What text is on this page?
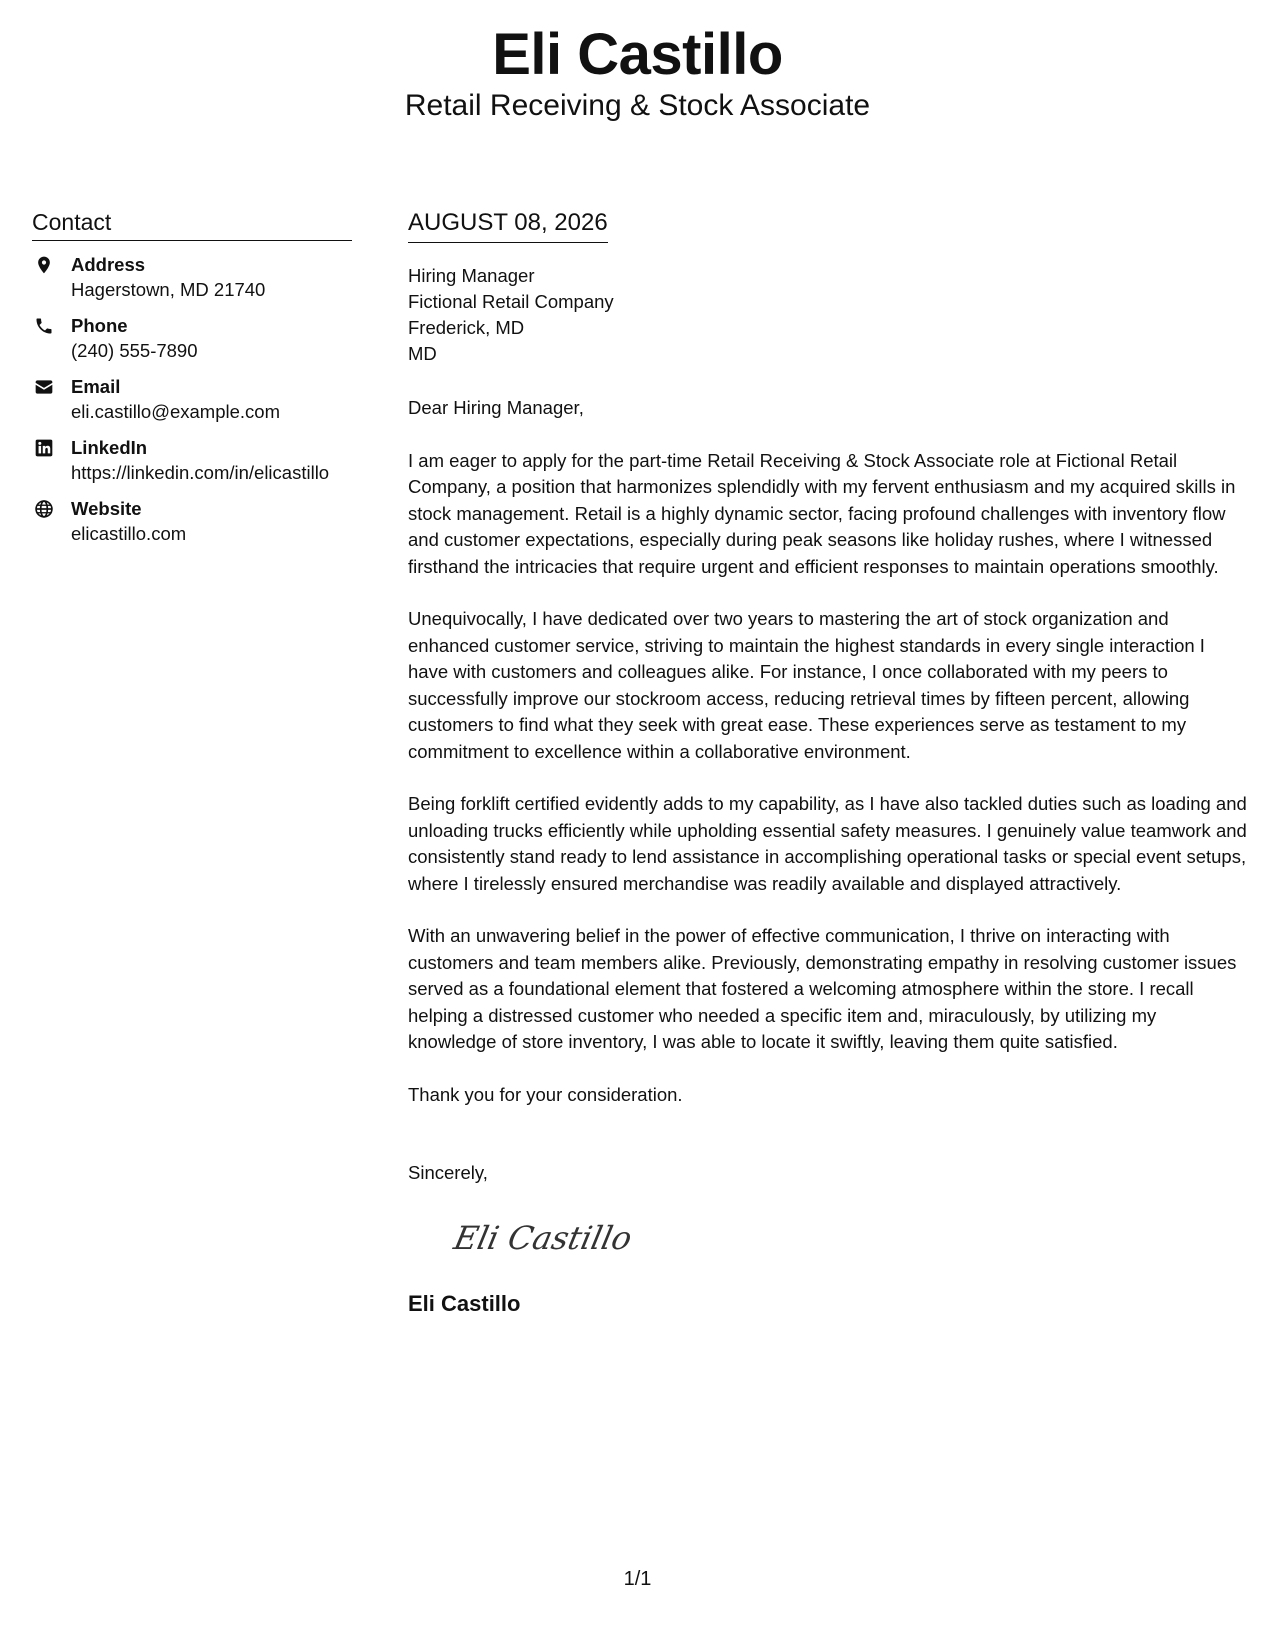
Eli Castillo
Retail Receiving & Stock Associate
Contact
Address
Hagerstown, MD 21740
Phone
(240) 555-7890
Email
eli.castillo@example.com
LinkedIn
https://linkedin.com/in/elicastillo
Website
elicastillo.com
AUGUST 08, 2026
Hiring Manager
Fictional Retail Company
Frederick, MD
MD
Dear Hiring Manager,

I am eager to apply for the part-time Retail Receiving & Stock Associate role at Fictional Retail Company, a position that harmonizes splendidly with my fervent enthusiasm and my acquired skills in stock management. Retail is a highly dynamic sector, facing profound challenges with inventory flow and customer expectations, especially during peak seasons like holiday rushes, where I witnessed firsthand the intricacies that require urgent and efficient responses to maintain operations smoothly.

Unequivocally, I have dedicated over two years to mastering the art of stock organization and enhanced customer service, striving to maintain the highest standards in every single interaction I have with customers and colleagues alike. For instance, I once collaborated with my peers to successfully improve our stockroom access, reducing retrieval times by fifteen percent, allowing customers to find what they seek with great ease. These experiences serve as testament to my commitment to excellence within a collaborative environment.

Being forklift certified evidently adds to my capability, as I have also tackled duties such as loading and unloading trucks efficiently while upholding essential safety measures. I genuinely value teamwork and consistently stand ready to lend assistance in accomplishing operational tasks or special event setups, where I tirelessly ensured merchandise was readily available and displayed attractively.

With an unwavering belief in the power of effective communication, I thrive on interacting with customers and team members alike. Previously, demonstrating empathy in resolving customer issues served as a foundational element that fostered a welcoming atmosphere within the store. I recall helping a distressed customer who needed a specific item and, miraculously, by utilizing my knowledge of store inventory, I was able to locate it swiftly, leaving them quite satisfied.

Thank you for your consideration.
Sincerely,
Eli Castillo
Eli Castillo
1/1
